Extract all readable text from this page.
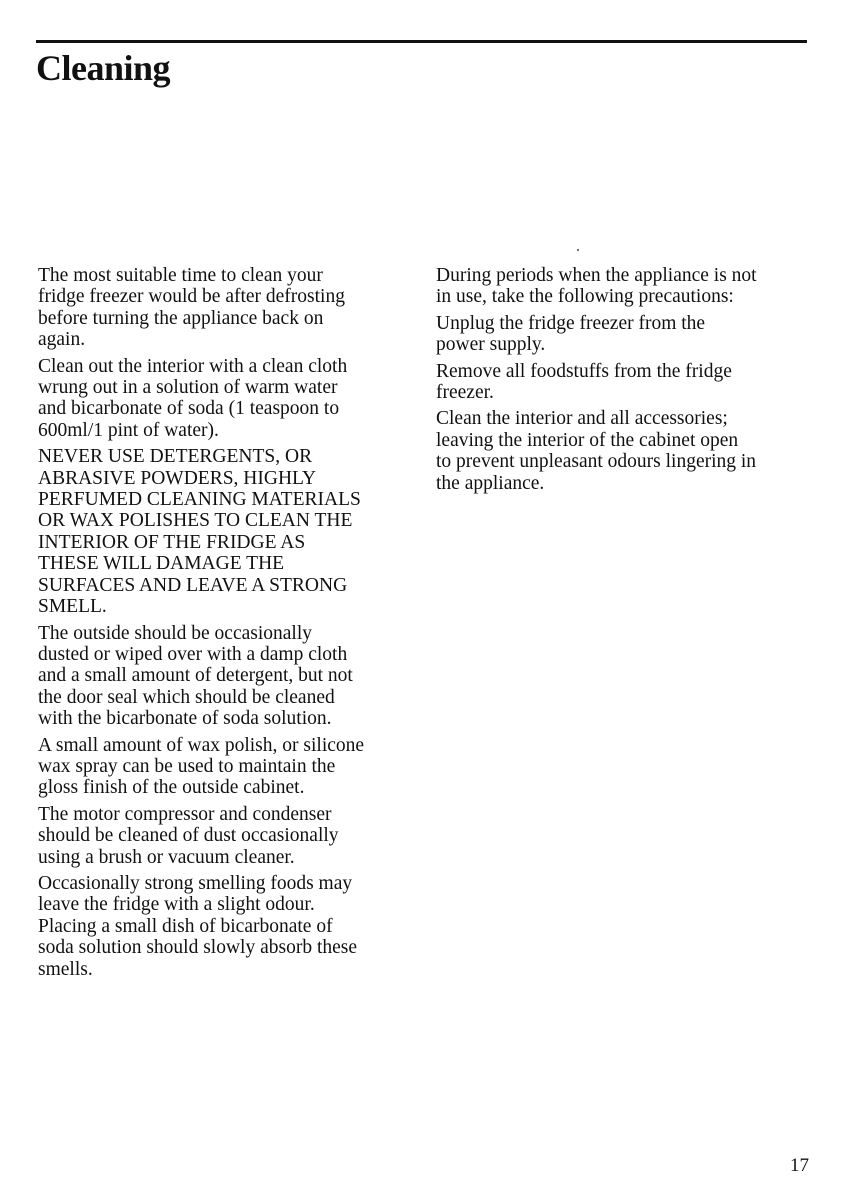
Cleaning

The most suitable time to clean your
fridge freezer would be after defrosting
before turning the appliance back on
again.

Clean out the interior with a clean cloth
wrung out in a solution of warm water
and bicarbonate of soda (1 teaspoon to
600ml/1 pint of water).

NEVER USE DETERGENTS, OR
ABRASIVE POWDERS, HIGHLY
PERFUMED CLEANING MATERIALS
OR WAX POLISHES TO CLEAN THE
INTERIOR OF THE FRIDGE AS
THESE WILL DAMAGE THE
SURFACES AND LEAVE A STRONG
SMELL.

The outside should be occasionally
dusted or wiped over with a damp cloth
and a small amount of detergent, but not
the door seal which should be cleaned
with the bicarbonate of soda solution.

A small amount of wax polish, or silicone
wax spray can be used to maintain the
gloss finish of the outside cabinet.

The motor compressor and condenser
should be cleaned of dust occasionally
using a brush or vacuum cleaner.

Occasionally strong smelling foods may
leave the fridge with a slight odour.
Placing a small dish of bicarbonate of
soda solution should slowly absorb these
smells.

During periods when the appliance is not
in use, take the following precautions:

Unplug the fridge freezer from the
power supply.

Remove all foodstuffs from the fridge
freezer.

Clean the interior and all accessories;
leaving the interior of the cabinet open
to prevent unpleasant odours lingering in
the appliance.

17
